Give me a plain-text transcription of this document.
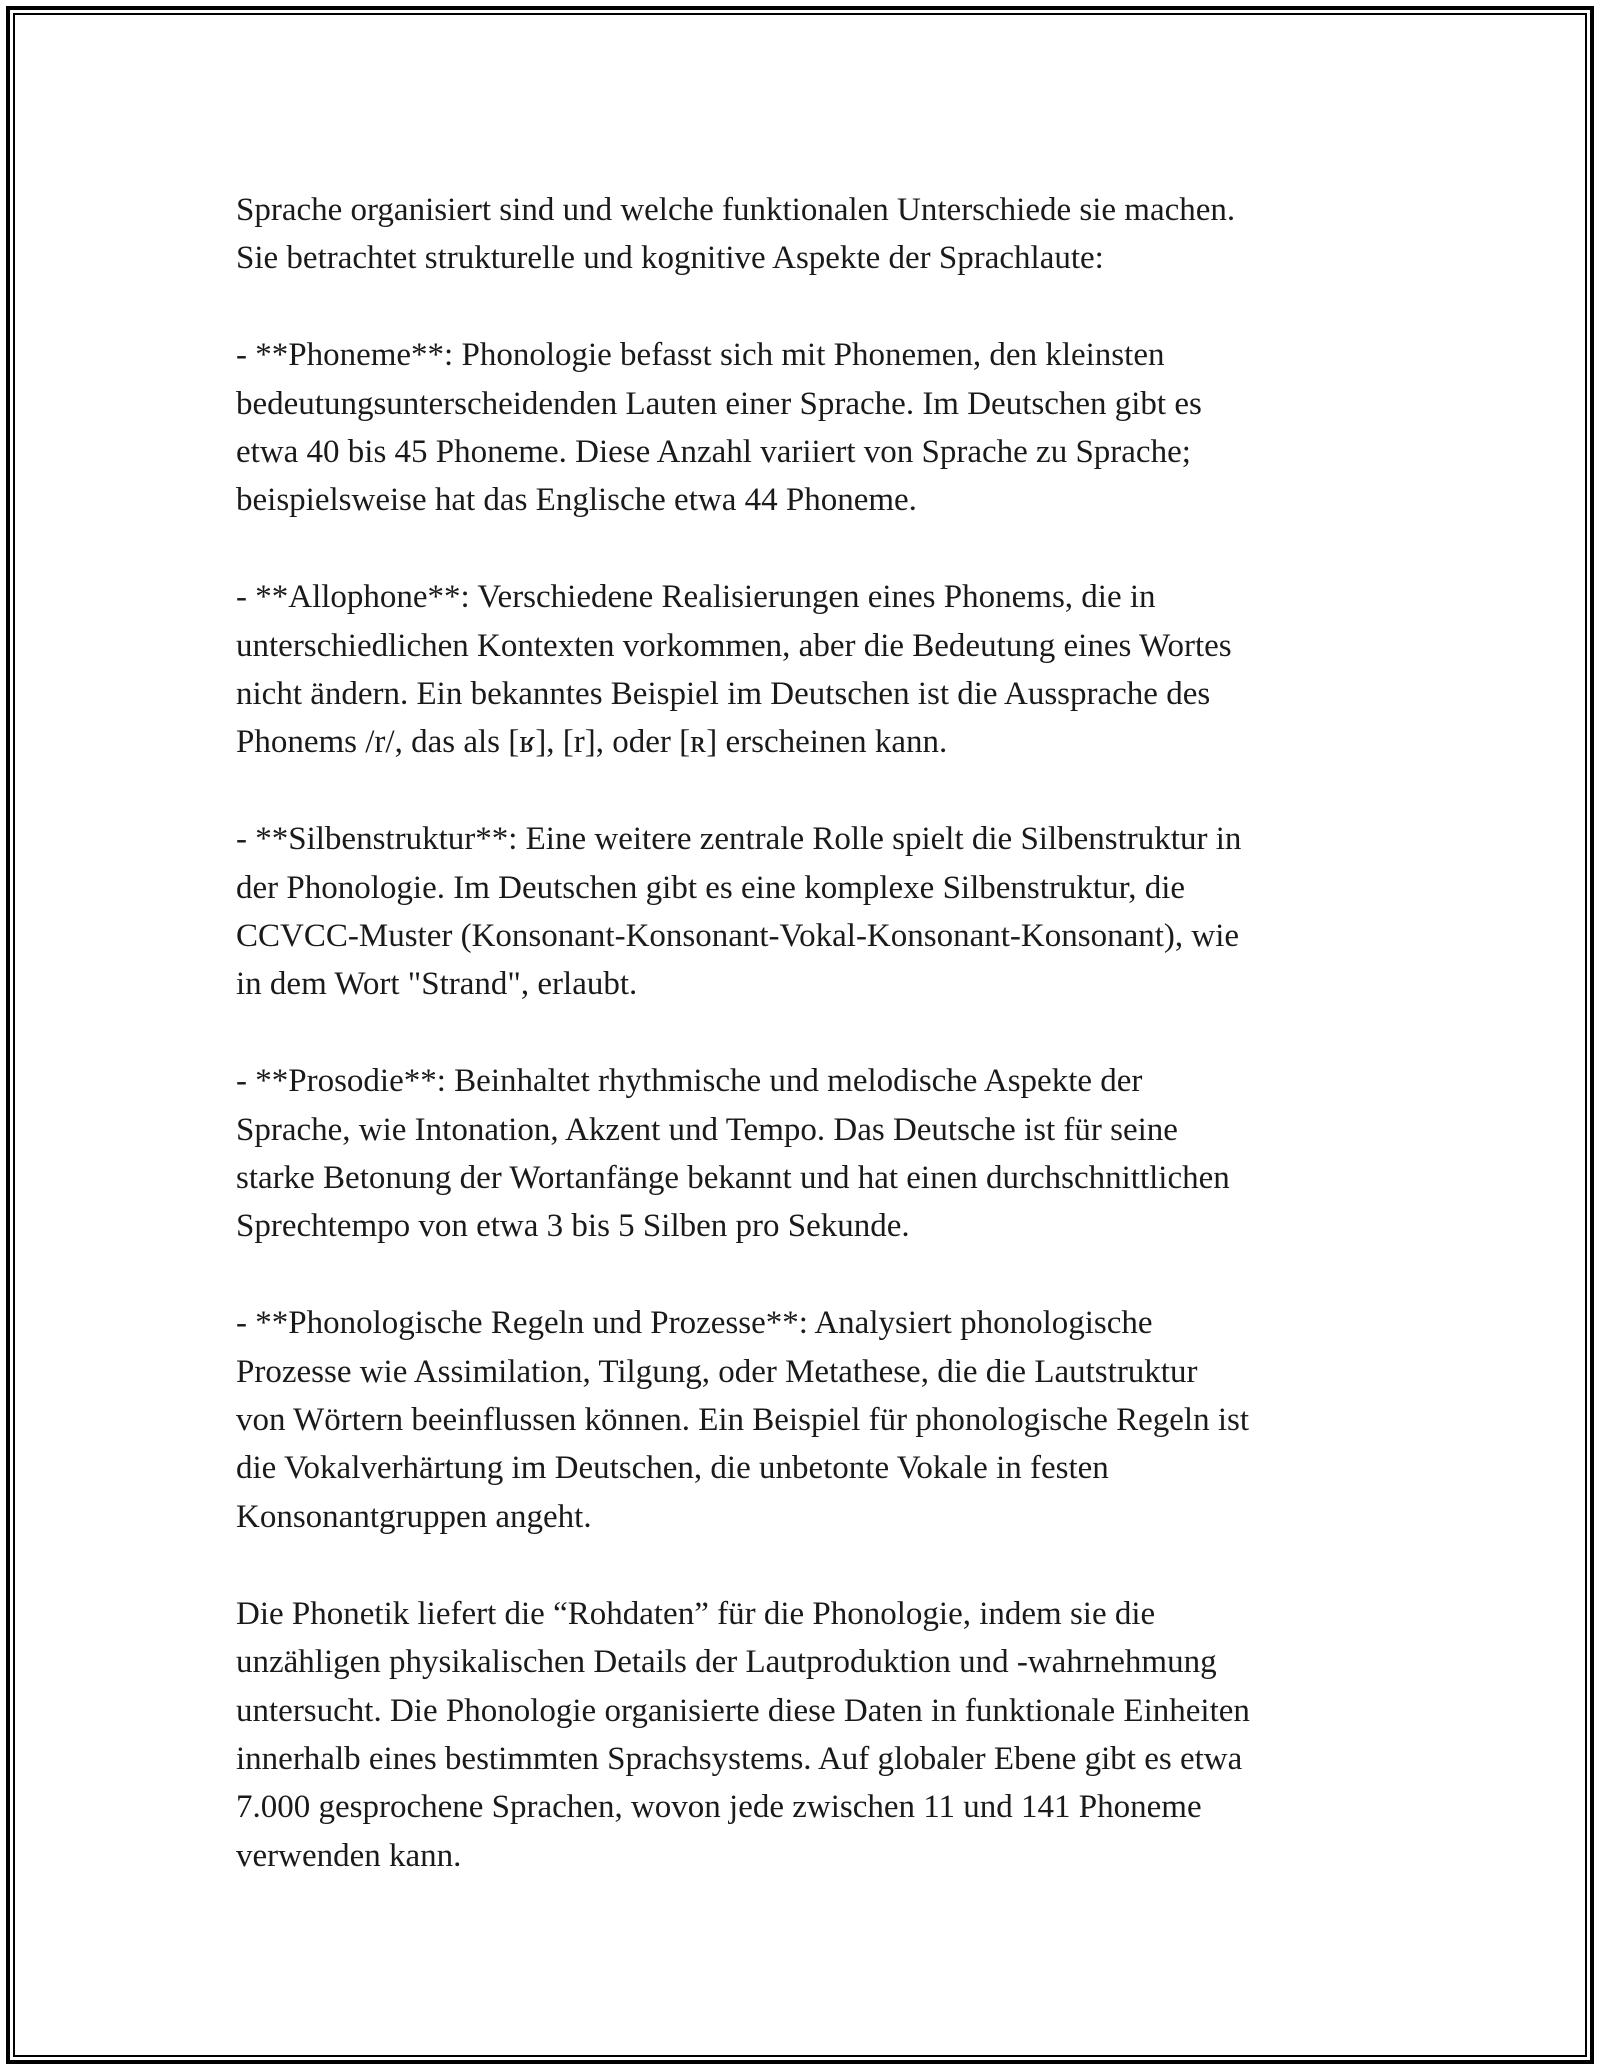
Sprache organisiert sind und welche funktionalen Unterschiede sie machen.
Sie betrachtet strukturelle und kognitive Aspekte der Sprachlaute:

- **Phoneme**: Phonologie befasst sich mit Phonemen, den kleinsten
bedeutungsunterscheidenden Lauten einer Sprache. Im Deutschen gibt es
etwa 40 bis 45 Phoneme. Diese Anzahl variiert von Sprache zu Sprache;
beispielsweise hat das Englische etwa 44 Phoneme.

- **Allophone**: Verschiedene Realisierungen eines Phonems, die in
unterschiedlichen Kontexten vorkommen, aber die Bedeutung eines Wortes
nicht ändern. Ein bekanntes Beispiel im Deutschen ist die Aussprache des
Phonems /r/, das als [ʁ], [r], oder [ʀ] erscheinen kann.

- **Silbenstruktur**: Eine weitere zentrale Rolle spielt die Silbenstruktur in
der Phonologie. Im Deutschen gibt es eine komplexe Silbenstruktur, die
CCVCC-Muster (Konsonant-Konsonant-Vokal-Konsonant-Konsonant), wie
in dem Wort "Strand", erlaubt.

- **Prosodie**: Beinhaltet rhythmische und melodische Aspekte der
Sprache, wie Intonation, Akzent und Tempo. Das Deutsche ist für seine
starke Betonung der Wortanfänge bekannt und hat einen durchschnittlichen
Sprechtempo von etwa 3 bis 5 Silben pro Sekunde.

- **Phonologische Regeln und Prozesse**: Analysiert phonologische
Prozesse wie Assimilation, Tilgung, oder Metathese, die die Lautstruktur
von Wörtern beeinflussen können. Ein Beispiel für phonologische Regeln ist
die Vokalverhärtung im Deutschen, die unbetonte Vokale in festen
Konsonantgruppen angeht.

Die Phonetik liefert die “Rohdaten” für die Phonologie, indem sie die
unzähligen physikalischen Details der Lautproduktion und -wahrnehmung
untersucht. Die Phonologie organisierte diese Daten in funktionale Einheiten
innerhalb eines bestimmten Sprachsystems. Auf globaler Ebene gibt es etwa
7.000 gesprochene Sprachen, wovon jede zwischen 11 und 141 Phoneme
verwenden kann.
